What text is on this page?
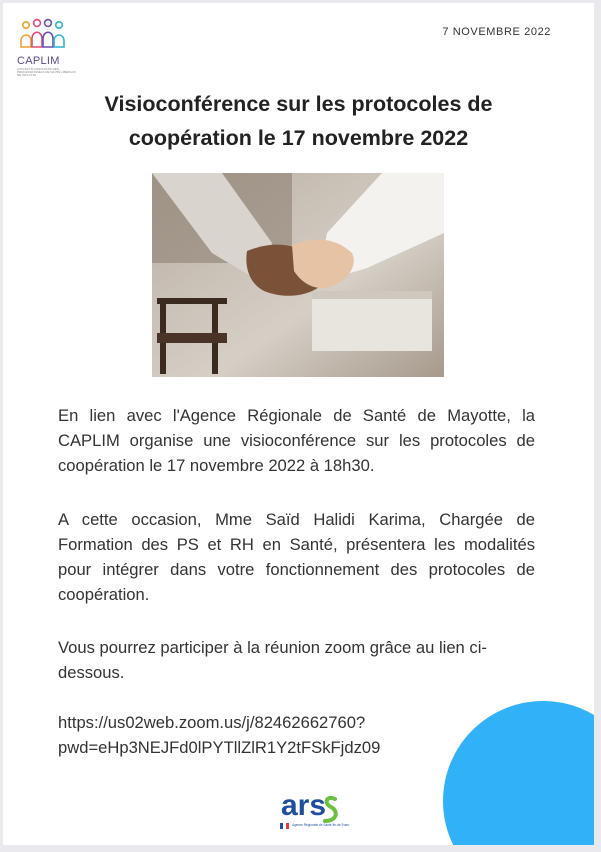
CAPLIM
COLLECTIF ASSOCIATIF DES PROFESSIONNELS DE SANTÉ LIBÉRAUX DE MAYOTTE
7 NOVEMBRE 2022
Visioconférence sur les protocoles de coopération le 17 novembre 2022
En lien avec l'Agence Régionale de Santé de Mayotte, la CAPLIM organise une visioconférence sur les protocoles de coopération le 17 novembre 2022 à 18h30.
A cette occasion, Mme Saïd Halidi Karima, Chargée de Formation des PS et RH en Santé, présentera les modalités pour intégrer dans votre fonctionnement des protocoles de coopération.
Vous pourrez participer à la réunion zoom grâce au lien ci-dessous.
https://us02web.zoom.us/j/82462662760?
pwd=eHp3NEJFd0lPYTllZlR1Y2tFSkFjdz09
ars
Agence Régionale de Santé Île-de-France
